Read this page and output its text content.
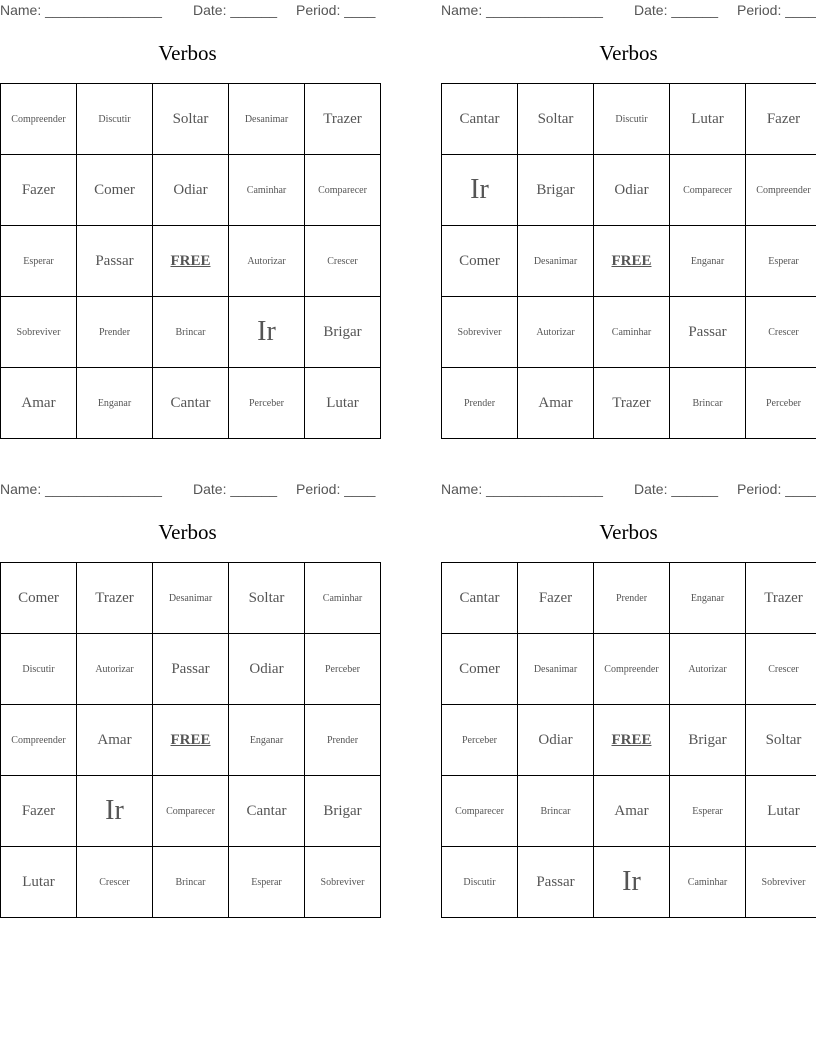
Name: _______________ Date: ______ Period: ____
Verbos
Compreender	Discutir	Soltar	Desanimar	Trazer
Fazer	Comer	Odiar	Caminhar	Comparecer
Esperar	Passar	FREE	Autorizar	Crescer
Sobreviver	Prender	Brincar	Ir	Brigar
Amar	Enganar	Cantar	Perceber	Lutar
Name: _______________ Date: ______ Period: ____
Verbos
Cantar	Soltar	Discutir	Lutar	Fazer
Ir	Brigar	Odiar	Comparecer	Compreender
Comer	Desanimar	FREE	Enganar	Esperar
Sobreviver	Autorizar	Caminhar	Passar	Crescer
Prender	Amar	Trazer	Brincar	Perceber
Name: _______________ Date: ______ Period: ____
Verbos
Comer	Trazer	Desanimar	Soltar	Caminhar
Discutir	Autorizar	Passar	Odiar	Perceber
Compreender	Amar	FREE	Enganar	Prender
Fazer	Ir	Comparecer	Cantar	Brigar
Lutar	Crescer	Brincar	Esperar	Sobreviver
Name: _______________ Date: ______ Period: ____
Verbos
Cantar	Fazer	Prender	Enganar	Trazer
Comer	Desanimar	Compreender	Autorizar	Crescer
Perceber	Odiar	FREE	Brigar	Soltar
Comparecer	Brincar	Amar	Esperar	Lutar
Discutir	Passar	Ir	Caminhar	Sobreviver
